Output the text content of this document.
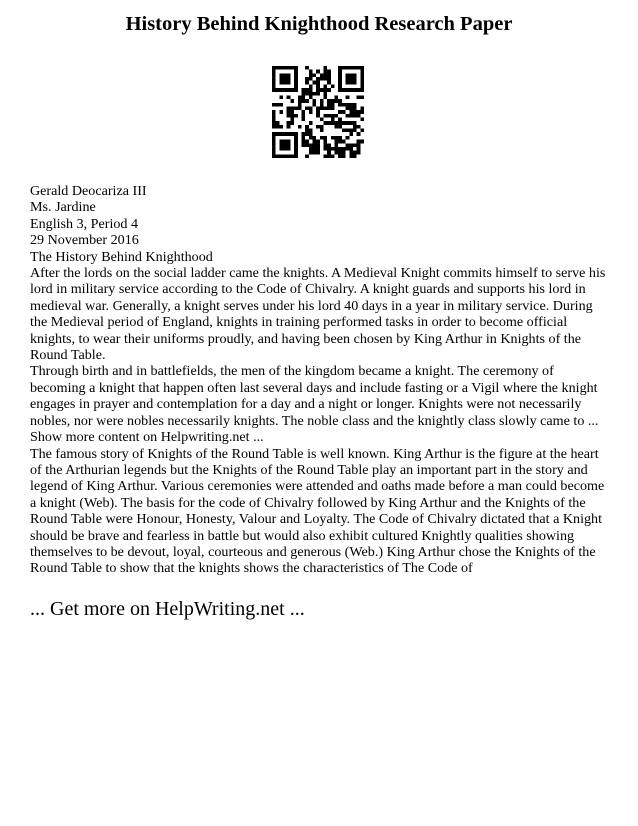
History Behind Knighthood Research Paper

Gerald Deocariza III

Ms. Jardine

English 3, Period 4

29 November 2016

The History Behind Knighthood

After the lords on the social ladder came the knights. A Medieval Knight commits himself to serve his lord in military service according to the Code of Chivalry. A knight guards and supports his lord in medieval war. Generally, a knight serves under his lord 40 days in a year in military service. During the Medieval period of England, knights in training performed tasks in order to become official knights, to wear their uniforms proudly, and having been chosen by King Arthur in Knights of the Round Table.

Through birth and in battlefields, the men of the kingdom became a knight. The ceremony of becoming a knight that happen often last several days and include fasting or a Vigil where the knight engages in prayer and contemplation for a day and a night or longer. Knights were not necessarily nobles, nor were nobles necessarily knights. The noble class and the knightly class slowly came to ...

Show more content on Helpwriting.net ...

The famous story of Knights of the Round Table is well known. King Arthur is the figure at the heart of the Arthurian legends but the Knights of the Round Table play an important part in the story and legend of King Arthur. Various ceremonies were attended and oaths made before a man could become a knight (Web). The basis for the code of Chivalry followed by King Arthur and the Knights of the Round Table were Honour, Honesty, Valour and Loyalty. The Code of Chivalry dictated that a Knight should be brave and fearless in battle but would also exhibit cultured Knightly qualities showing themselves to be devout, loyal, courteous and generous (Web.) King Arthur chose the Knights of the Round Table to show that the knights shows the characteristics of The Code of

... Get more on HelpWriting.net ...
